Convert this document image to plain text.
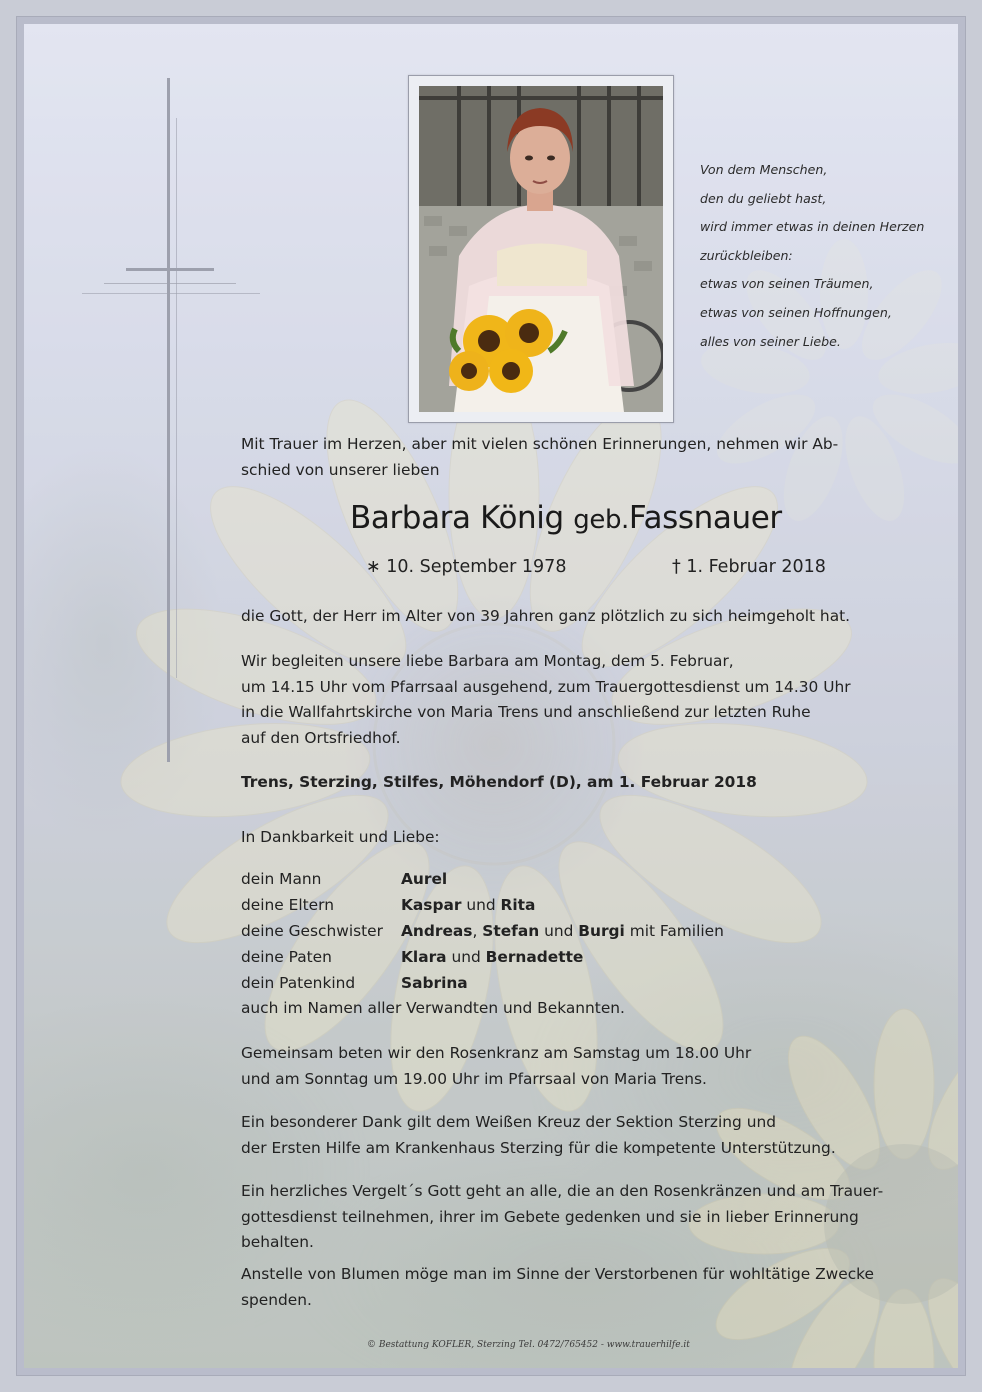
Von dem Menschen,
den du geliebt hast,
wird immer etwas in deinen Herzen
zurückbleiben:
etwas von seinen Träumen,
etwas von seinen Hoffnungen,
alles von seiner Liebe.
Mit Trauer im Herzen, aber mit vielen schönen Erinnerungen, nehmen wir Ab-
schied von unserer lieben
Barbara König geb.Fassnauer
∗ 10. September 1978	† 1. Februar 2018
die Gott, der Herr im Alter von 39 Jahren ganz plötzlich zu sich heimgeholt hat.
Wir begleiten unsere liebe Barbara am Montag, dem 5. Februar,
um 14.15 Uhr vom Pfarrsaal ausgehend, zum Trauergottesdienst um 14.30 Uhr
in die Wallfahrtskirche von Maria Trens und anschließend zur letzten Ruhe
auf den Ortsfriedhof.
Trens, Sterzing, Stilfes, Möhendorf (D), am 1. Februar 2018
In Dankbarkeit und Liebe:
dein Mann	Aurel
deine Eltern	Kaspar und Rita
deine Geschwister Andreas, Stefan und Burgi mit Familien
deine Paten	Klara und Bernadette
dein Patenkind	Sabrina
auch im Namen aller Verwandten und Bekannten.
Gemeinsam beten wir den Rosenkranz am Samstag um 18.00 Uhr
und am Sonntag um 19.00 Uhr im Pfarrsaal von Maria Trens.
Ein besonderer Dank gilt dem Weißen Kreuz der Sektion Sterzing und
der Ersten Hilfe am Krankenhaus Sterzing für die kompetente Unterstützung.
Ein herzliches Vergelt´s Gott geht an alle, die an den Rosenkränzen und am Trauer-
gottesdienst teilnehmen, ihrer im Gebete gedenken und sie in lieber Erinnerung
behalten.
Anstelle von Blumen möge man im Sinne der Verstorbenen für wohltätige Zwecke
spenden.
© Bestattung KOFLER, Sterzing Tel. 0472/765452 - www.trauerhilfe.it
